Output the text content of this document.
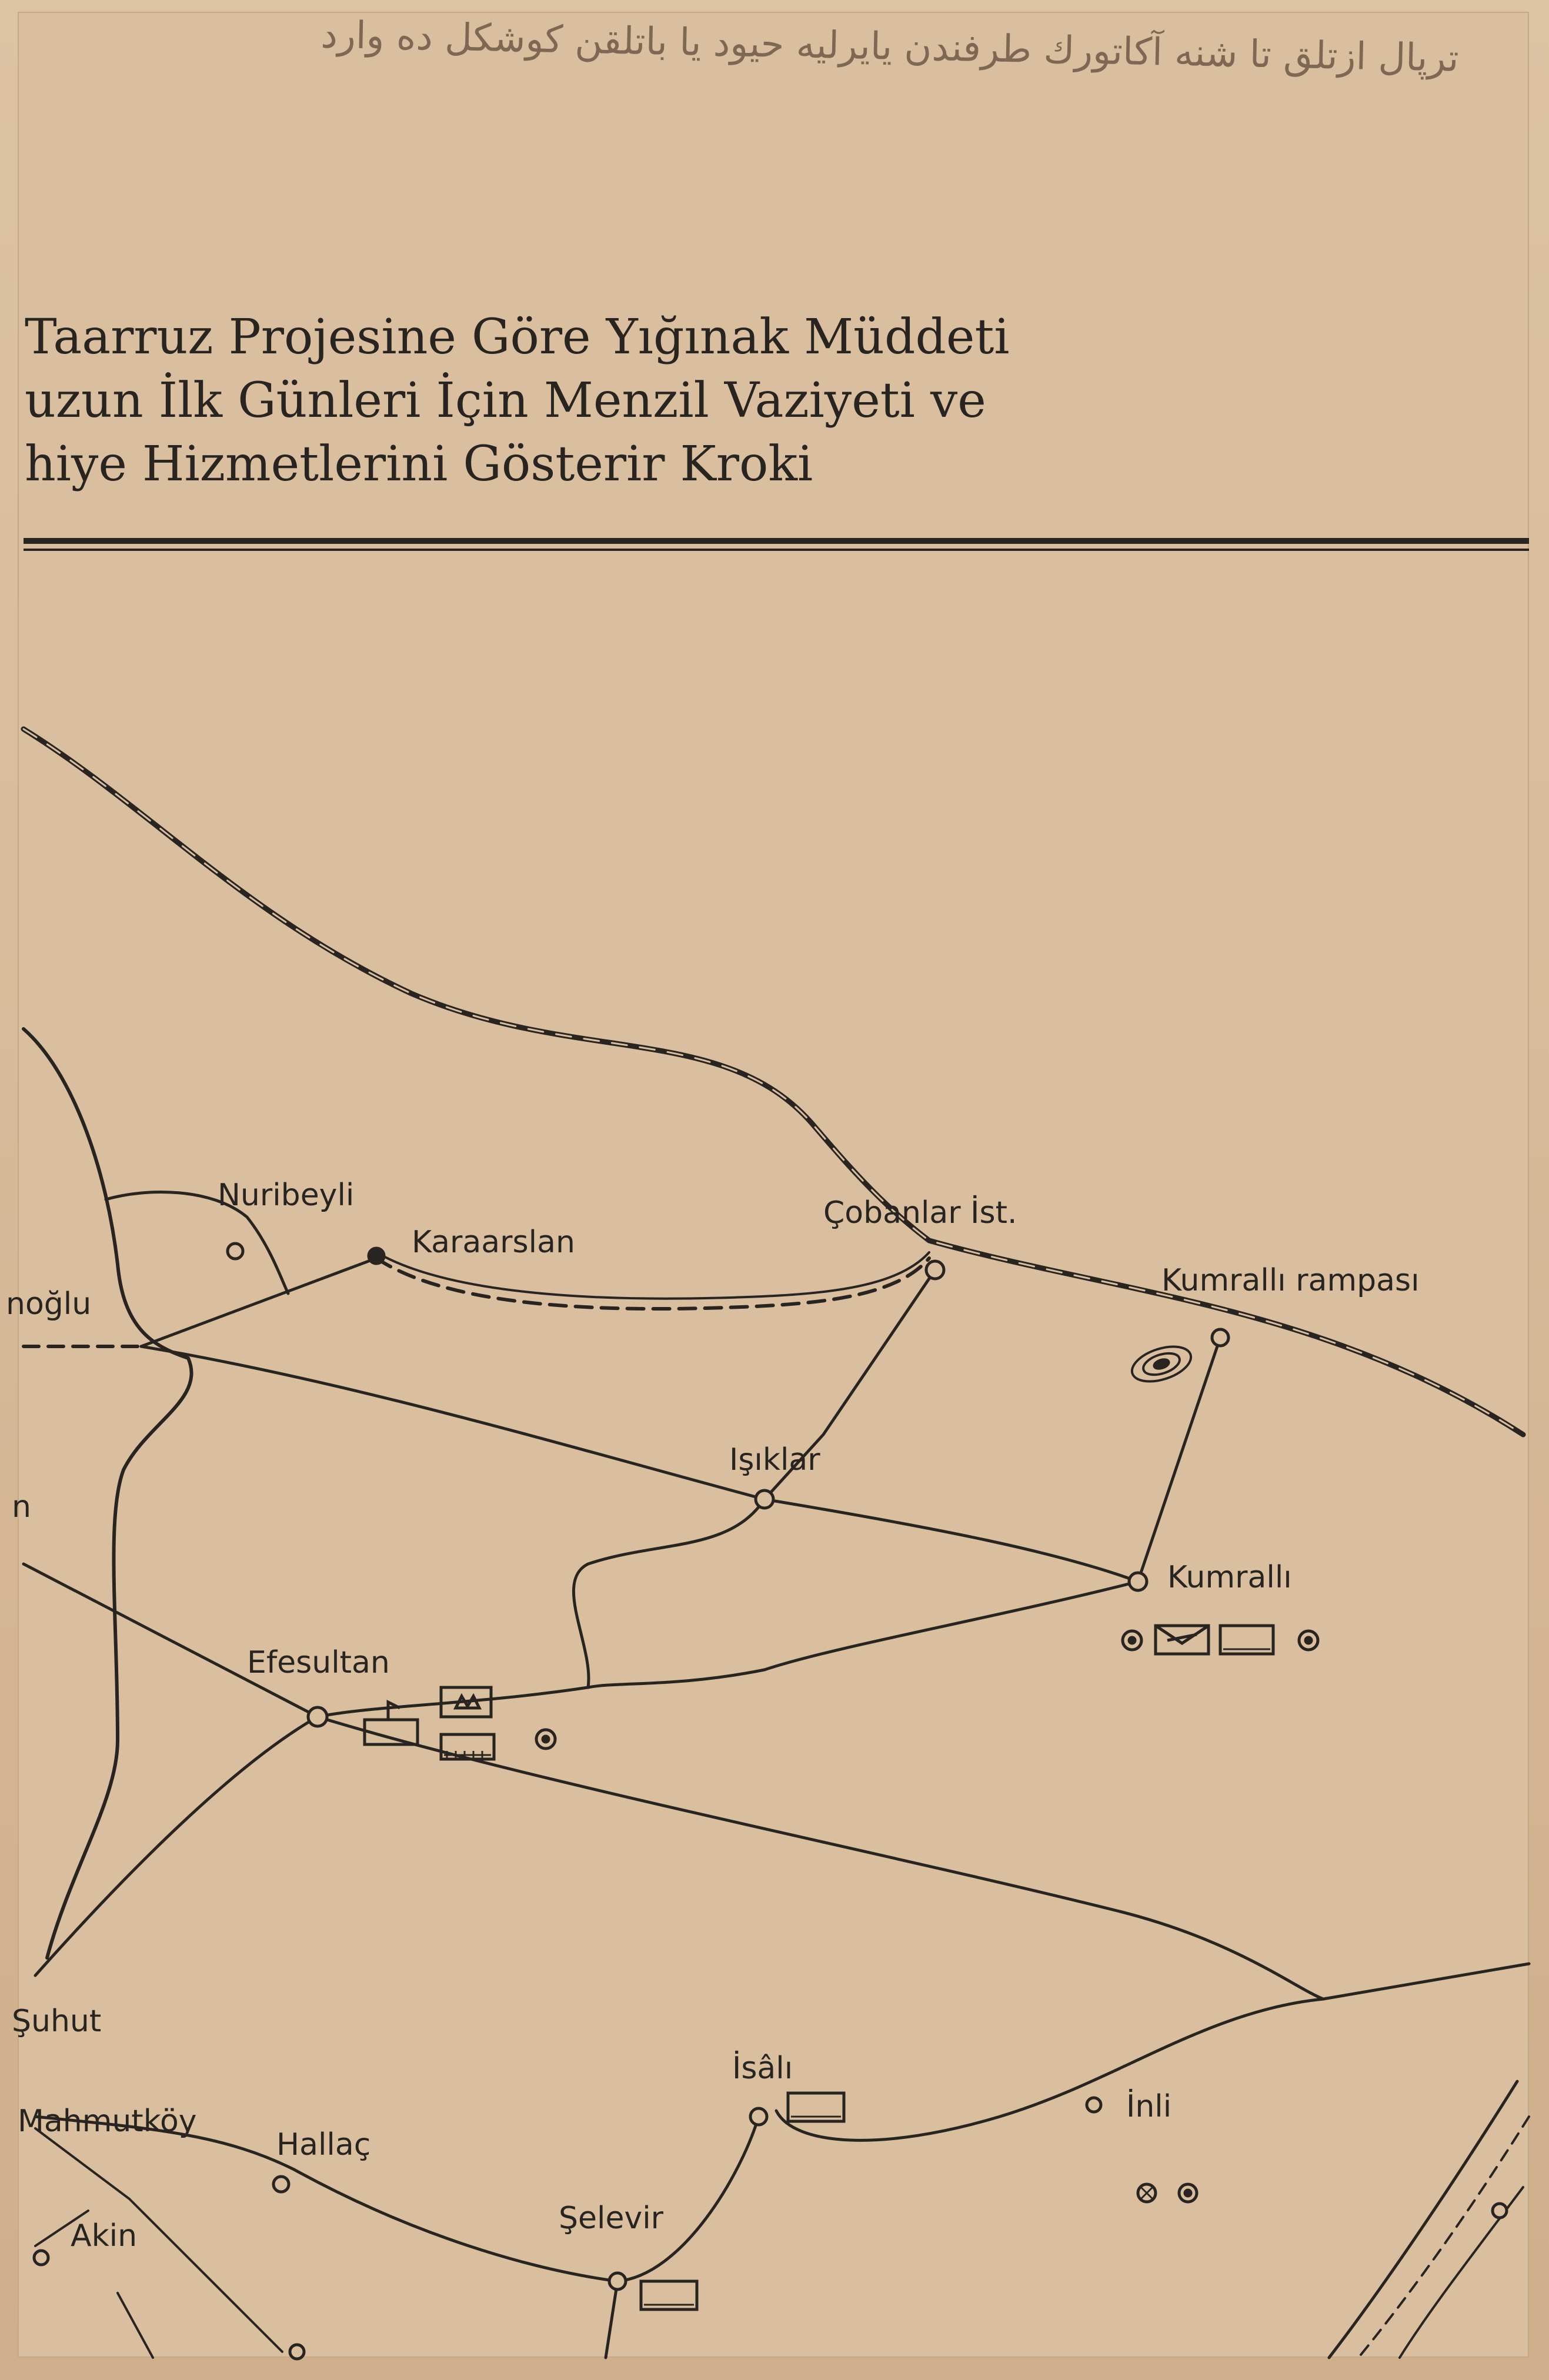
ترپال ازتلق تا شنه آكاتورك طرفندن يايرليه حيود يا باتلقن كوشكل ده وارد
Taarruz Projesine Göre Yığınak Müddeti
uzun İlk Günleri İçin Menzil Vaziyeti ve
hiye Hizmetlerini Gösterir Kroki
Nuribeyli
Karaarslan
Çobanlar İst.
Kumrallı rampası
noğlu
Işıklar
n
Kumrallı
Efesultan
Şuhut
İsâlı
İnli
Mahmutköy
Hallaç
Şelevir
Akin
